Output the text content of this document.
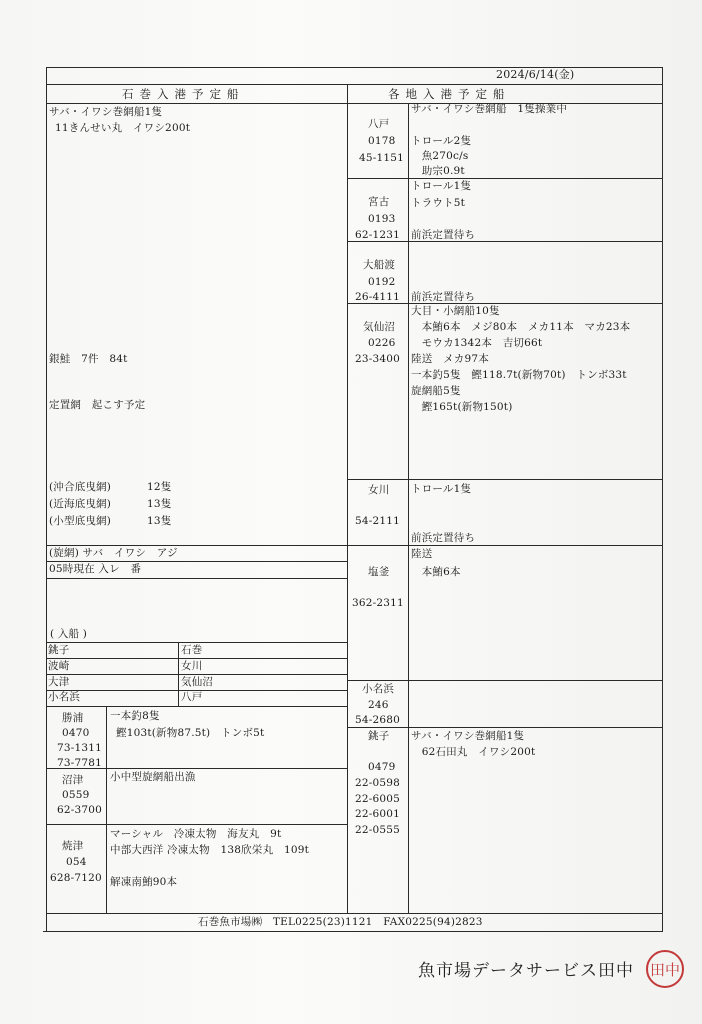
2024/6/14(金)
石巻入港予定船	各地入港予定船
サバ・イワシ巻網船1隻
11きんせい丸　イワシ200t
銀鮭　7件　84t
定置網　起こす予定
(沖合底曳網)	12隻
(近海底曳網)	13隻
(小型底曳網)	13隻
(旋網) サバ　イワシ　アジ
05時現在 入レ　番
( 入船 )
銚子	石巻
波崎	女川
大津	気仙沼
小名浜	八戸
勝浦
0470
73-1311
73-7781
一本釣8隻
鰹103t(新物87.5t)　トンボ5t
沼津
0559
62-3700
小中型旋網船出漁
焼津
054
628-7120
マーシャル　冷凍太物　海友丸　9t
中部大西洋 冷凍太物　138欣栄丸　109t
解凍南鮪90本
八戸
0178
45-1151
サバ・イワシ巻網船　1隻操業中
トロール2隻
　魚270c/s
　助宗0.9t
宮古
0193
62-1231
トロール1隻
トラウト5t
前浜定置待ち
大船渡
0192
26-4111 前浜定置待ち
気仙沼
0226
23-3400
大目・小網船10隻
　本鮪6本　メジ80本　メカ11本　マカ23本
　モウカ1342本　吉切66t
陸送　メカ97本
一本釣5隻　鰹118.7t(新物70t)　トンボ33t
旋網船5隻
　鰹165t(新物150t)
女川
54-2111
トロール1隻
前浜定置待ち
塩釜
362-2311
陸送
　本鮪6本
小名浜
246
54-2680
銚子
0479
22-0598 22-6005 22-6001 22-0555
サバ・イワシ巻網船1隻
　62石田丸　イワシ200t
石巻魚市場㈱　TEL0225(23)1121　FAX0225(94)2823
魚市場データサービス田中 田中
